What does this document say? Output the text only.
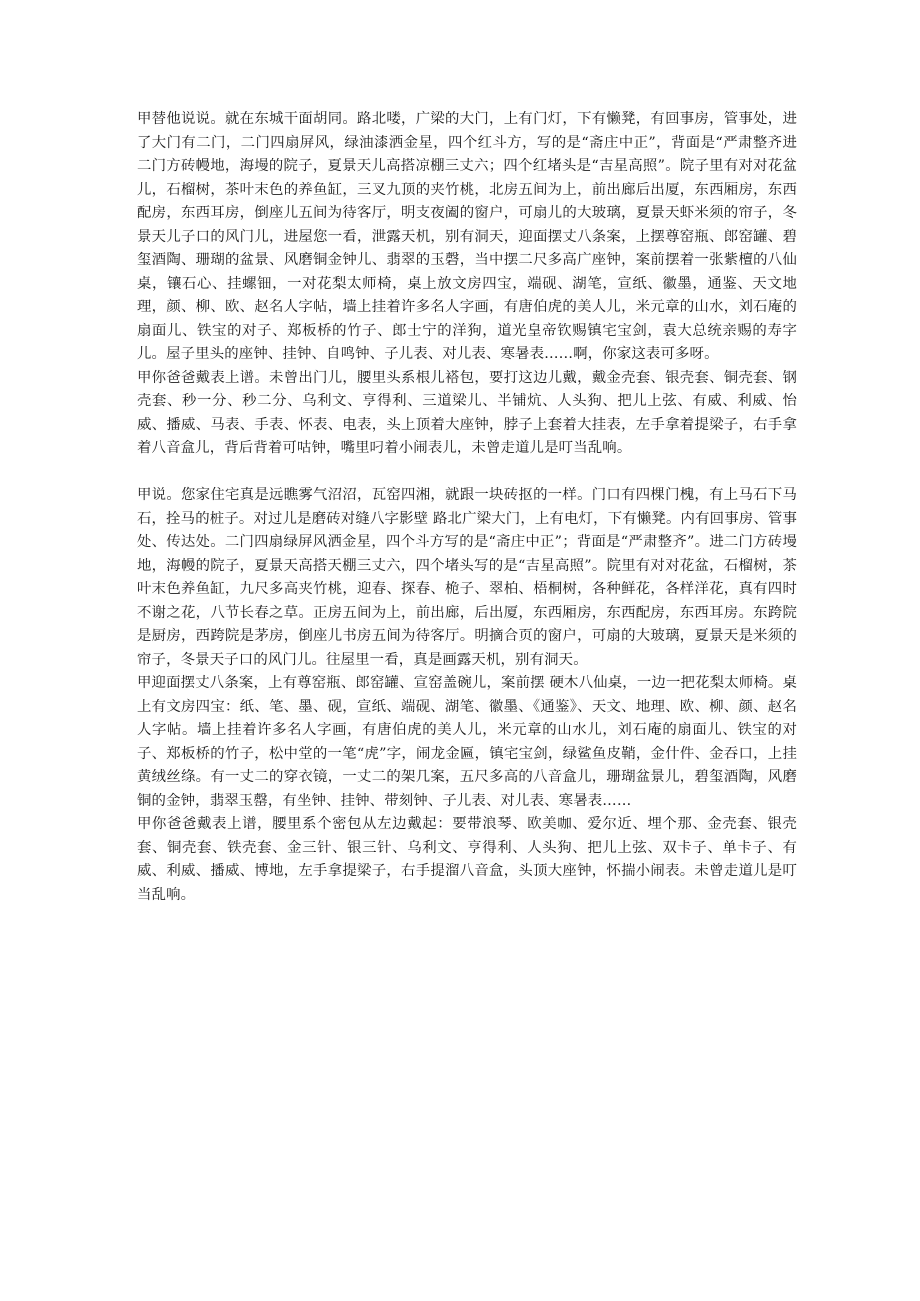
甲替他说说。就在东城干面胡同。路北喽，广梁的大门，上有门灯，下有懒凳，有回事房，管事处，进了大门有二门，二门四扇屏风，绿油漆洒金星，四个红斗方，写的是“斋庄中正”，背面是“严肃整齐进二门方砖幔地，海墁的院子，夏景天儿高搭凉棚三丈六；四个红堵头是“吉星高照”。院子里有对对花盆儿，石榴树，茶叶末色的养鱼缸，三叉九顶的夹竹桃，北房五间为上，前出廊后出厦，东西厢房，东西配房，东西耳房，倒座儿五间为待客厅，明支夜阖的窗户，可扇儿的大玻璃，夏景天虾米须的帘子，冬景天儿子口的风门儿，进屋您一看，泄露天机，别有洞天，迎面摆丈八条案，上摆尊窑瓶、郎窑罐、碧玺酒陶、珊瑚的盆景、风磨铜金钟儿、翡翠的玉磬，当中摆二尺多高广座钟，案前摆着一张紫檀的八仙桌，镶石心、挂螺钿，一对花梨太师椅，桌上放文房四宝，端砚、湖笔，宣纸、徽墨，通鉴、天文地理，颜、柳、欧、赵名人字帖，墙上挂着许多名人字画，有唐伯虎的美人儿，米元章的山水，刘石庵的扇面儿、铁宝的对子、郑板桥的竹子、郎士宁的洋狗，道光皇帝钦赐镇宅宝剑，袁大总统亲赐的寿字儿。屋子里头的座钟、挂钟、自鸣钟、子儿表、对儿表、寒暑表……啊，你家这表可多呀。

甲你爸爸戴表上谱。未曾出门儿，腰里头系根儿褡包，要打这边儿戴，戴金壳套、银壳套、铜壳套、钢壳套、秒一分、秒二分、乌利文、亨得利、三道梁儿、半铺炕、人头狗、把儿上弦、有威、利威、怡威、播威、马表、手表、怀表、电表，头上顶着大座钟，脖子上套着大挂表，左手拿着提梁子，右手拿着八音盒儿，背后背着可咕钟，嘴里叼着小闹表儿，未曾走道儿是叮当乱响。

甲说。您家住宅真是远瞧雾气沼沼，瓦窑四湘，就跟一块砖抠的一样。门口有四棵门槐，有上马石下马石，拴马的桩子。对过儿是磨砖对缝八字影壁 路北广梁大门，上有电灯，下有懒凳。内有回事房、管事处、传达处。二门四扇绿屏风洒金星，四个斗方写的是“斋庄中正”；背面是“严肃整齐”。进二门方砖墁地，海幔的院子，夏景天高搭天棚三丈六，四个堵头写的是“吉星高照”。院里有对对花盆，石榴树，茶叶末色养鱼缸，九尺多高夹竹桃，迎春、探春、桅子、翠柏、梧桐树，各种鲜花，各样洋花，真有四时不谢之花，八节长春之草。正房五间为上，前出廊，后出厦，东西厢房，东西配房，东西耳房。东跨院是厨房，西跨院是茅房，倒座儿书房五间为待客厅。明摘合页的窗户，可扇的大玻璃，夏景天是米须的帘子，冬景天子口的风门儿。往屋里一看，真是画露天机，别有洞天。

甲迎面摆丈八条案，上有尊窑瓶、郎窑罐、宣窑盖碗儿，案前摆 硬木八仙桌，一边一把花梨太师椅。桌上有文房四宝：纸、笔、墨、砚，宣纸、端砚、湖笔、徽墨、《通鉴》、天文、地理、欧、柳、颜、赵名人字帖。墙上挂着许多名人字画，有唐伯虎的美人儿，米元章的山水儿，刘石庵的扇面儿、铁宝的对子、郑板桥的竹子，松中堂的一笔“虎”字，闹龙金匾，镇宅宝剑，绿鲨鱼皮鞘，金什件、金吞口，上挂黄绒丝绦。有一丈二的穿衣镜，一丈二的架几案，五尺多高的八音盒儿，珊瑚盆景儿，碧玺酒陶，风磨铜的金钟，翡翠玉罄，有坐钟、挂钟、带刻钟、子儿表、对儿表、寒暑表……

甲你爸爸戴表上谱，腰里系个密包从左边戴起：要带浪琴、欧美咖、爱尔近、埋个那、金壳套、银壳套、铜壳套、铁壳套、金三针、银三针、乌利文、亨得利、人头狗、把儿上弦、双卡子、单卡子、有威、利威、播威、博地，左手拿提梁子，右手提溜八音盒，头顶大座钟，怀揣小闹表。未曾走道儿是叮当乱响。
